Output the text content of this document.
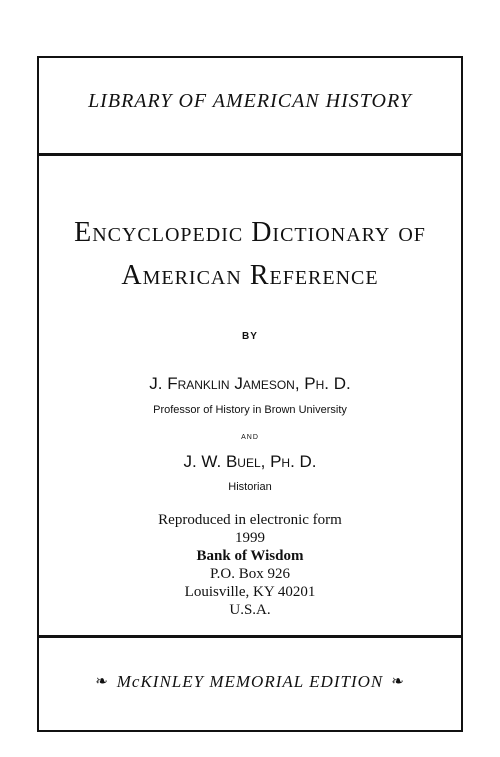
LIBRARY OF AMERICAN HISTORY
Encyclopedic Dictionary of
American Reference
BY
J. Franklin Jameson, Ph. D.
Professor of History in Brown University
AND
J. W. Buel, Ph. D.
Historian
Reproduced in electronic form
1999
Bank of Wisdom
P.O. Box 926
Louisville, KY 40201
U.S.A.
❧ McKINLEY MEMORIAL EDITION ❧
